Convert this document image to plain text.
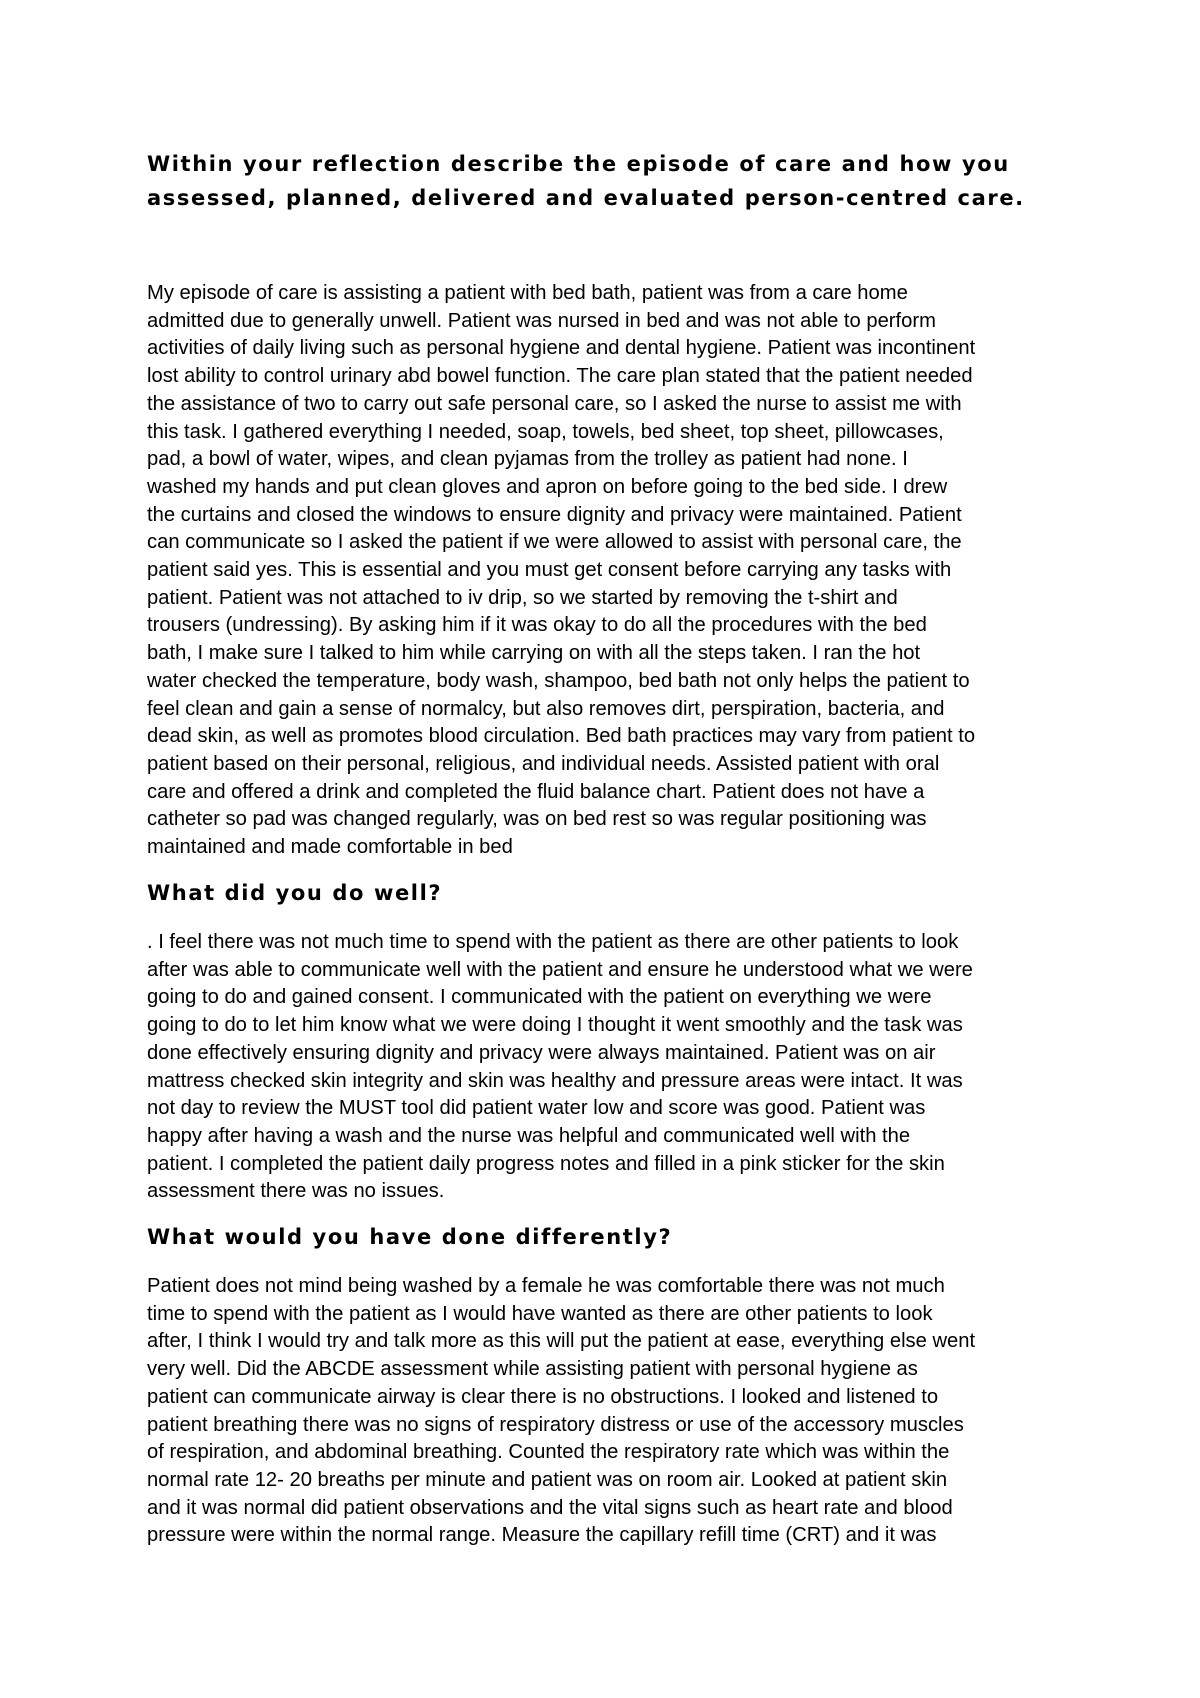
Within your reflection describe the episode of care and how you
assessed, planned, delivered and evaluated person-centred care.
My episode of care is assisting a patient with bed bath, patient was from a care home
admitted due to generally unwell. Patient was nursed in bed and was not able to perform
activities of daily living such as personal hygiene and dental hygiene. Patient was incontinent
lost ability to control urinary abd bowel function. The care plan stated that the patient needed
the assistance of two to carry out safe personal care, so I asked the nurse to assist me with
this task. I gathered everything I needed, soap, towels, bed sheet, top sheet, pillowcases,
pad, a bowl of water, wipes, and clean pyjamas from the trolley as patient had none. I
washed my hands and put clean gloves and apron on before going to the bed side. I drew
the curtains and closed the windows to ensure dignity and privacy were maintained. Patient
can communicate so I asked the patient if we were allowed to assist with personal care, the
patient said yes. This is essential and you must get consent before carrying any tasks with
patient. Patient was not attached to iv drip, so we started by removing the t-shirt and
trousers (undressing). By asking him if it was okay to do all the procedures with the bed
bath, I make sure I talked to him while carrying on with all the steps taken. I ran the hot
water checked the temperature, body wash, shampoo, bed bath not only helps the patient to
feel clean and gain a sense of normalcy, but also removes dirt, perspiration, bacteria, and
dead skin, as well as promotes blood circulation. Bed bath practices may vary from patient to
patient based on their personal, religious, and individual needs. Assisted patient with oral
care and offered a drink and completed the fluid balance chart. Patient does not have a
catheter so pad was changed regularly, was on bed rest so was regular positioning was
maintained and made comfortable in bed
What did you do well?
. I feel there was not much time to spend with the patient as there are other patients to look
after was able to communicate well with the patient and ensure he understood what we were
going to do and gained consent. I communicated with the patient on everything we were
going to do to let him know what we were doing I thought it went smoothly and the task was
done effectively ensuring dignity and privacy were always maintained. Patient was on air
mattress checked skin integrity and skin was healthy and pressure areas were intact. It was
not day to review the MUST tool did patient water low and score was good. Patient was
happy after having a wash and the nurse was helpful and communicated well with the
patient. I completed the patient daily progress notes and filled in a pink sticker for the skin
assessment there was no issues.
What would you have done differently?
Patient does not mind being washed by a female he was comfortable there was not much
time to spend with the patient as I would have wanted as there are other patients to look
after, I think I would try and talk more as this will put the patient at ease, everything else went
very well. Did the ABCDE assessment while assisting patient with personal hygiene as
patient can communicate airway is clear there is no obstructions. I looked and listened to
patient breathing there was no signs of respiratory distress or use of the accessory muscles
of respiration, and abdominal breathing. Counted the respiratory rate which was within the
normal rate 12- 20 breaths per minute and patient was on room air. Looked at patient skin
and it was normal did patient observations and the vital signs such as heart rate and blood
pressure were within the normal range. Measure the capillary refill time (CRT) and it was
